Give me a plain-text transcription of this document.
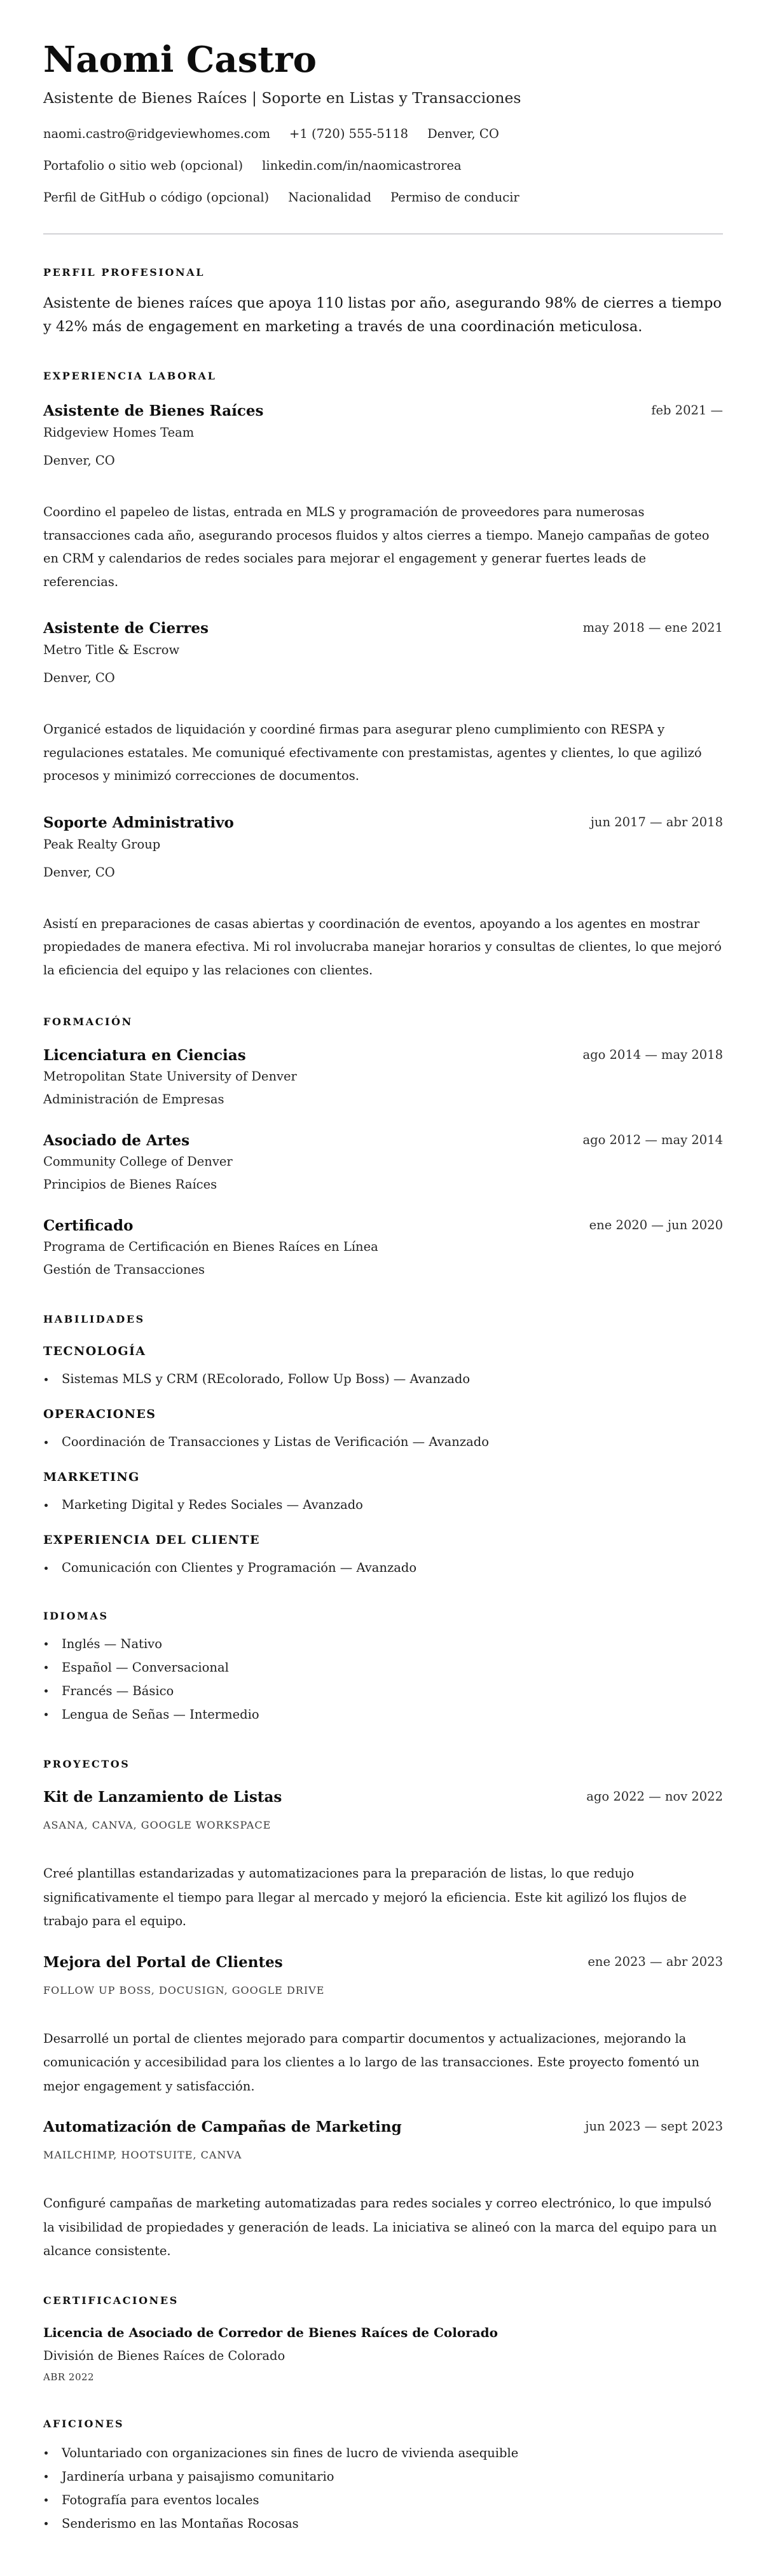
Naomi Castro
Asistente de Bienes Raíces | Soporte en Listas y Transacciones
naomi.castro@ridgeviewhomes.com +1 (720) 555-5118 Denver, CO
Portafolio o sitio web (opcional) linkedin.com/in/naomicastrorea
Perfil de GitHub o código (opcional) Nacionalidad Permiso de conducir
PERFIL PROFESIONAL

Asistente de bienes raíces que apoya 110 listas por año, asegurando 98% de cierres a tiempo y 42% más de engagement en marketing a través de una coordinación meticulosa.

EXPERIENCIA LABORAL
Asistente de Bienes Raíces	feb 2021 —
Ridgeview Homes Team
Denver, CO

Coordino el papeleo de listas, entrada en MLS y programación de proveedores para numerosas transacciones cada año, asegurando procesos fluidos y altos cierres a tiempo. Manejo campañas de goteo en CRM y calendarios de redes sociales para mejorar el engagement y generar fuertes leads de referencias.

Asistente de Cierres	may 2018 — ene 2021
Metro Title & Escrow
Denver, CO

Organicé estados de liquidación y coordiné firmas para asegurar pleno cumplimiento con RESPA y regulaciones estatales. Me comuniqué efectivamente con prestamistas, agentes y clientes, lo que agilizó procesos y minimizó correcciones de documentos.

Soporte Administrativo	jun 2017 — abr 2018
Peak Realty Group
Denver, CO

Asistí en preparaciones de casas abiertas y coordinación de eventos, apoyando a los agentes en mostrar propiedades de manera efectiva. Mi rol involucraba manejar horarios y consultas de clientes, lo que mejoró la eficiencia del equipo y las relaciones con clientes.

FORMACIÓN
Licenciatura en Ciencias	ago 2014 — may 2018
Metropolitan State University of Denver
Administración de Empresas
Asociado de Artes	ago 2012 — may 2014
Community College of Denver
Principios de Bienes Raíces
Certificado	ene 2020 — jun 2020
Programa de Certificación en Bienes Raíces en Línea
Gestión de Transacciones
HABILIDADES
TECNOLOGÍA
Sistemas MLS y CRM (REcolorado, Follow Up Boss) — Avanzado
OPERACIONES
Coordinación de Transacciones y Listas de Verificación — Avanzado
MARKETING
Marketing Digital y Redes Sociales — Avanzado
EXPERIENCIA DEL CLIENTE
Comunicación con Clientes y Programación — Avanzado
IDIOMAS
Inglés — Nativo
Español — Conversacional
Francés — Básico
Lengua de Señas — Intermedio
PROYECTOS
Kit de Lanzamiento de Listas	ago 2022 — nov 2022
ASANA, CANVA, GOOGLE WORKSPACE

Creé plantillas estandarizadas y automatizaciones para la preparación de listas, lo que redujo significativamente el tiempo para llegar al mercado y mejoró la eficiencia. Este kit agilizó los flujos de trabajo para el equipo.

Mejora del Portal de Clientes	ene 2023 — abr 2023
FOLLOW UP BOSS, DOCUSIGN, GOOGLE DRIVE

Desarrollé un portal de clientes mejorado para compartir documentos y actualizaciones, mejorando la comunicación y accesibilidad para los clientes a lo largo de las transacciones. Este proyecto fomentó un mejor engagement y satisfacción.

Automatización de Campañas de Marketing	jun 2023 — sept 2023
MAILCHIMP, HOOTSUITE, CANVA

Configuré campañas de marketing automatizadas para redes sociales y correo electrónico, lo que impulsó la visibilidad de propiedades y generación de leads. La iniciativa se alineó con la marca del equipo para un alcance consistente.

CERTIFICACIONES
Licencia de Asociado de Corredor de Bienes Raíces de Colorado
División de Bienes Raíces de Colorado
ABR 2022
AFICIONES
Voluntariado con organizaciones sin fines de lucro de vivienda asequible
Jardinería urbana y paisajismo comunitario
Fotografía para eventos locales
Senderismo en las Montañas Rocosas
